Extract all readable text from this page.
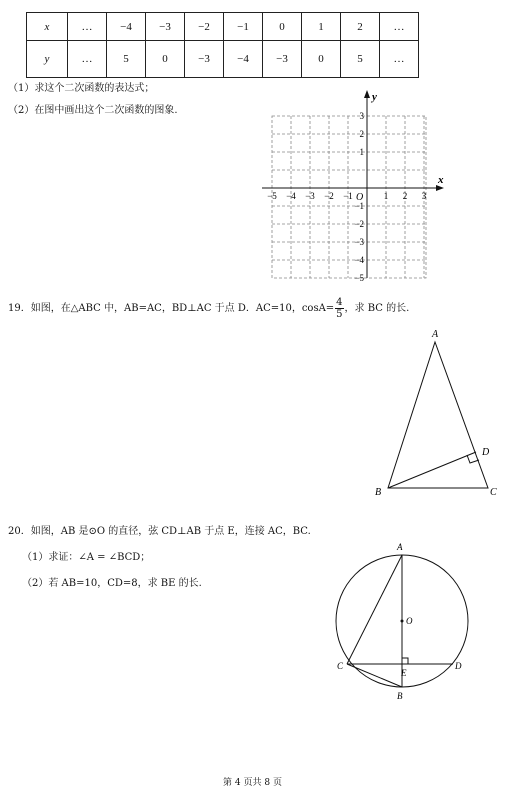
x	…	−4	−3	−2	−1	0	1	2	…
y	…	5	0	−3	−4	−3	0	5	…
（1）求这个二次函数的表达式；
（2）在图中画出这个二次函数的图象.
x
y
O
−5 −4 −3 −2 −1	1 2 3
3
2
1
−1
−2
−3
−4
−5
19．如图，在△ABC 中，AB=AC，BD⊥AC 于点 D．AC=10，$\cos A= \frac{4}{5}$ ，求 BC 的长.
A
B	C
D
20．如图，AB 是⊙O 的直径，弦 CD⊥AB 于点 E，连接 AC，BC.
（1）求证：∠A = ∠BCD；
（2）若 AB=10，CD=8，求 BE 的长.
A
B
C	D
E
O
第 4 页共 8 页
